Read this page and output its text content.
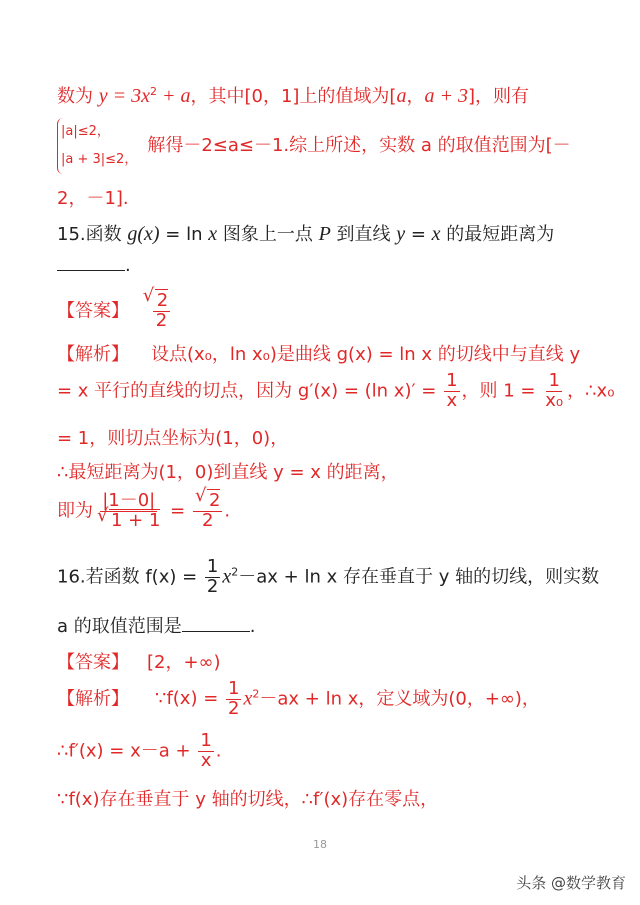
数为 $y = 3x^2 + a$，其中[0，1]上的值域为[a，a + 3]，则有
|a|≤2，
|a + 3|≤2，解得－2≤a≤－1.综上所述，实数 a 的取值范围为[－
2，－1].
15.函数 g(x) = ln x 图象上一点 P 到直线 y = x 的最短距离为
.
【答案】 √ $\frac{2}{2}$
【解析】 设点(x₀，ln x₀)是曲线 g(x) = ln x 的切线中与直线 y
= x 平行的直线的切点，因为 g′(x) = (ln $x)' = \frac{1}{x}$ ，则 $1 = \frac{1}{\text{x₀}}$ ，∴x₀
= 1，则切点坐标为(1，0)，
∴最短距离为(1，0)到直线 y = x 的距离，
即为 |1－0|
√ 1 + 1 = √ $\frac{2}{2}$ .
16.若函数 $f(x) = \frac{1}{2} x^2-ax + \ln x$ 存在垂直于 y 轴的切线，则实数
a 的取值范围是	.
【答案】 [2，+∞)
【解析】 ∵f(x) = $\frac{1}{2} x^2-ax + \ln x$，定义域为(0，+∞)，
∴f′(x) = $x-a + \frac{1}{x}$ .
∵f(x)存在垂直于 y 轴的切线，∴f′(x)存在零点，
18
头条 @数学教育
